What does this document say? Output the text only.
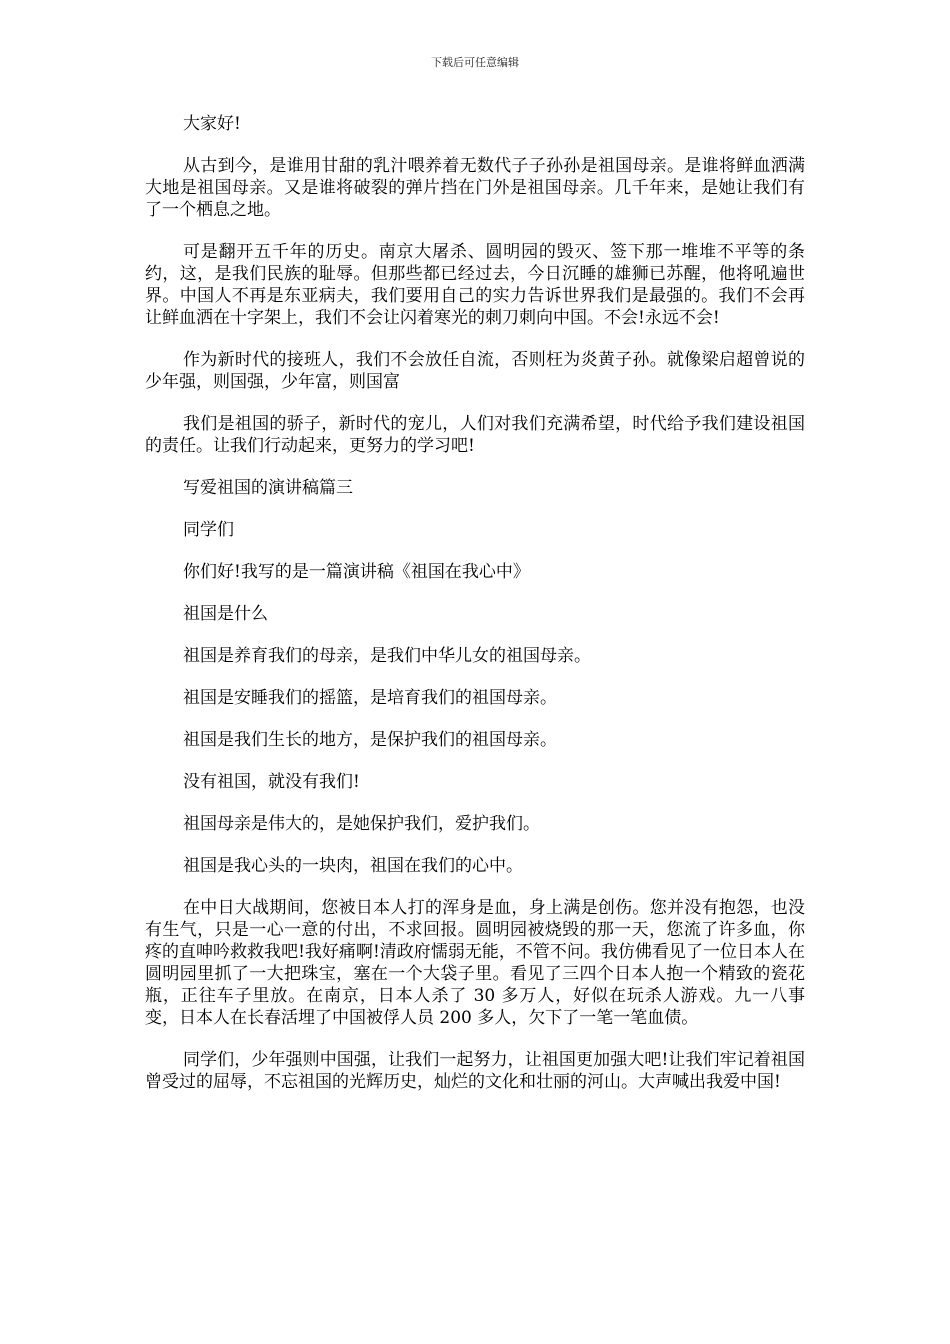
下载后可任意编辑

大家好!

从古到今，是谁用甘甜的乳汁喂养着无数代子子孙孙是祖国母亲。是谁将鲜血洒满大地是祖国母亲。又是谁将破裂的弹片挡在门外是祖国母亲。几千年来，是她让我们有了一个栖息之地。

可是翻开五千年的历史。南京大屠杀、圆明园的毁灭、签下那一堆堆不平等的条约，这，是我们民族的耻辱。但那些都已经过去，今日沉睡的雄狮已苏醒，他将吼遍世界。中国人不再是东亚病夫，我们要用自己的实力告诉世界我们是最强的。我们不会再让鲜血洒在十字架上，我们不会让闪着寒光的刺刀刺向中国。不会!永远不会!

作为新时代的接班人，我们不会放任自流，否则枉为炎黄子孙。就像梁启超曾说的少年强，则国强，少年富，则国富

我们是祖国的骄子，新时代的宠儿，人们对我们充满希望，时代给予我们建设祖国的责任。让我们行动起来，更努力的学习吧!

写爱祖国的演讲稿篇三

同学们

你们好!我写的是一篇演讲稿《祖国在我心中》

祖国是什么

祖国是养育我们的母亲，是我们中华儿女的祖国母亲。

祖国是安睡我们的摇篮，是培育我们的祖国母亲。

祖国是我们生长的地方，是保护我们的祖国母亲。

没有祖国，就没有我们!

祖国母亲是伟大的，是她保护我们，爱护我们。

祖国是我心头的一块肉，祖国在我们的心中。

在中日大战期间，您被日本人打的浑身是血，身上满是创伤。您并没有抱怨，也没有生气，只是一心一意的付出，不求回报。圆明园被烧毁的那一天，您流了许多血，你疼的直呻吟救救我吧!我好痛啊!清政府懦弱无能，不管不问。我仿佛看见了一位日本人在圆明园里抓了一大把珠宝，塞在一个大袋子里。看见了三四个日本人抱一个精致的瓷花瓶，正往车子里放。在南京，日本人杀了 30 多万人，好似在玩杀人游戏。九一八事变，日本人在长春活埋了中国被俘人员 200 多人，欠下了一笔一笔血债。

同学们，少年强则中国强，让我们一起努力，让祖国更加强大吧!让我们牢记着祖国曾受过的屈辱，不忘祖国的光辉历史，灿烂的文化和壮丽的河山。大声喊出我爱中国!
